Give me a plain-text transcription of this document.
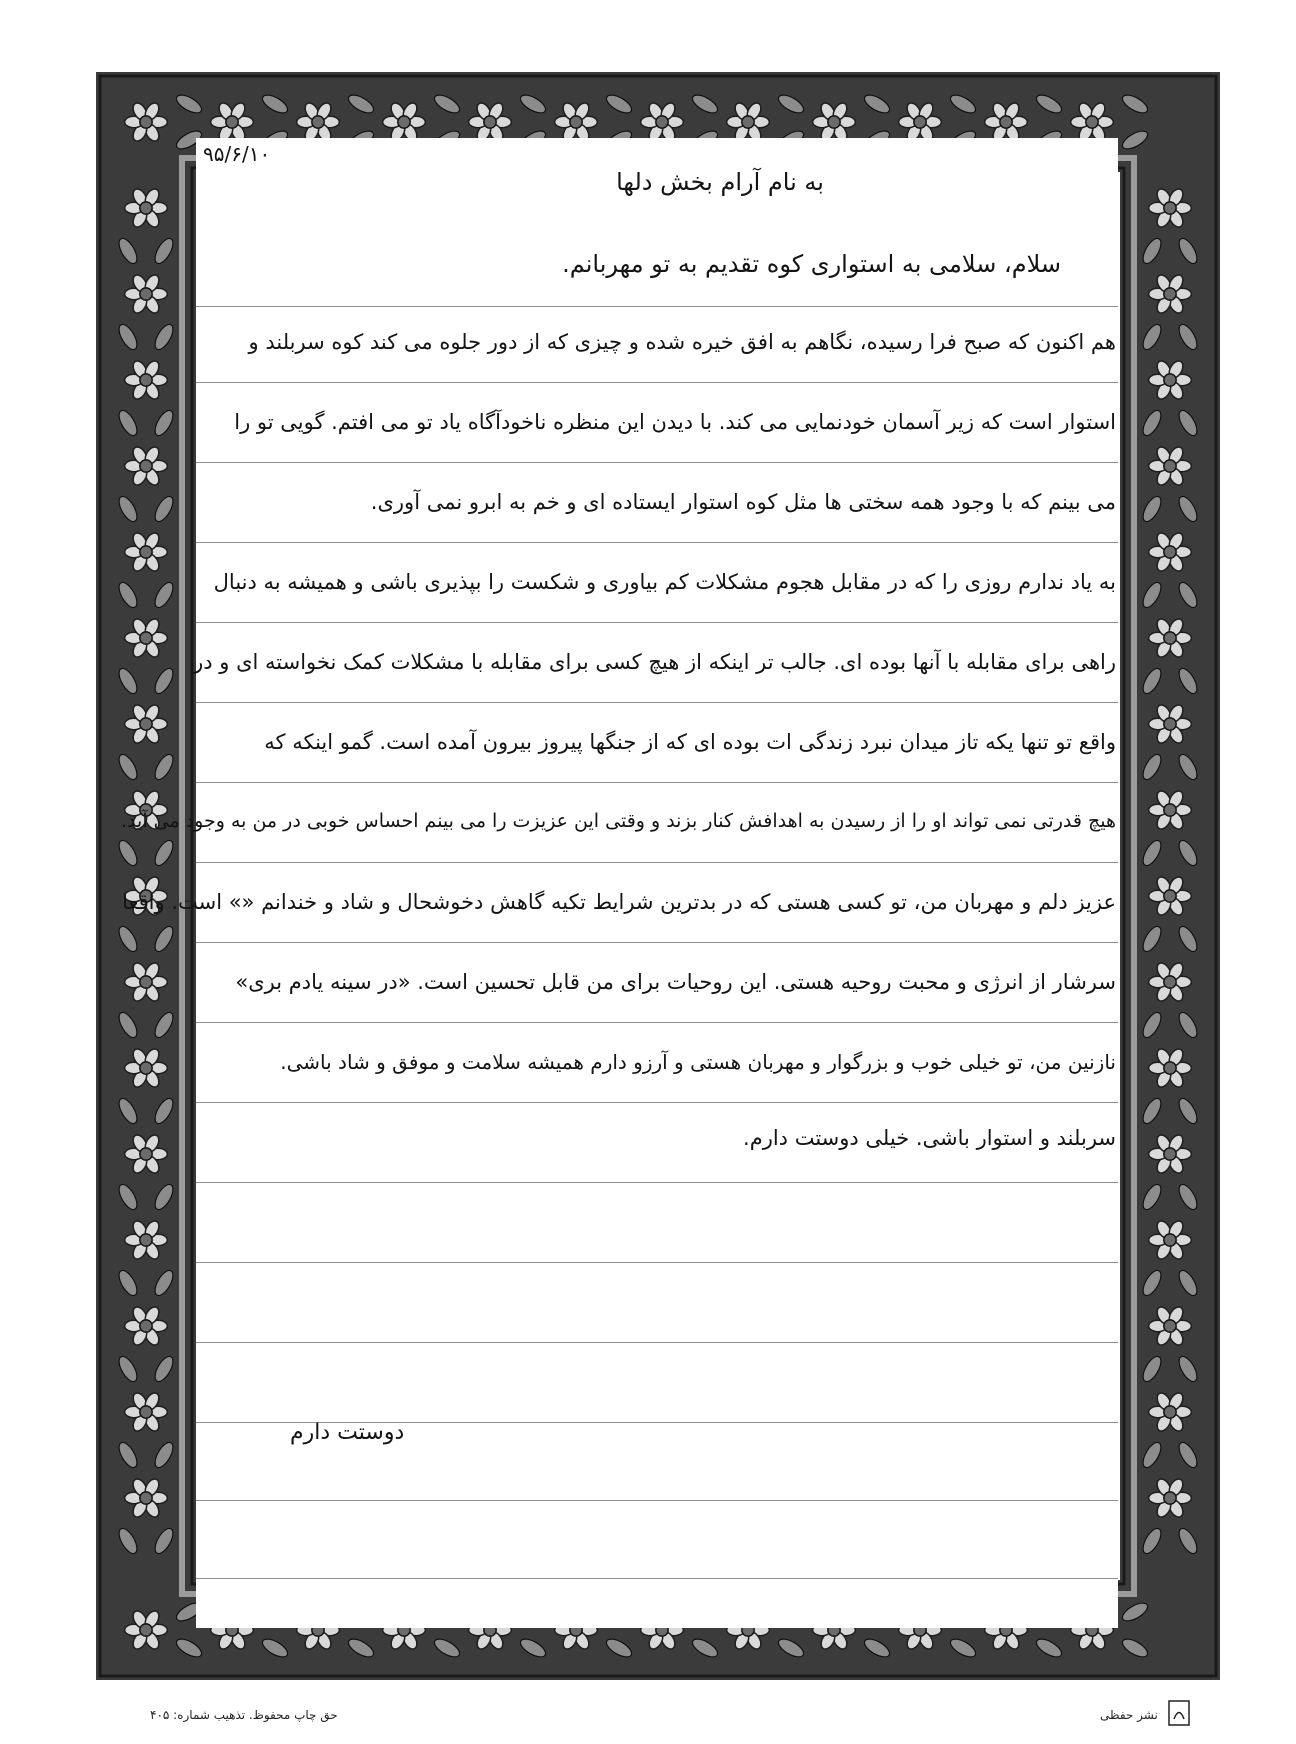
۹۵/۶/۱۰
به نام آرام بخش دلها
سلام، سلامی به استواری کوه تقدیم به تو مهربانم.
هم اکنون که صبح فرا رسیده، نگاهم به افق خیره شده و چیزی که از دور جلوه می کند کوه سربلند و
استوار است که زیر آسمان خودنمایی می کند. با دیدن این منظره ناخودآگاه یاد تو می افتم. گویی تو را
می بینم که با وجود همه سختی ها مثل کوه استوار ایستاده ای و خم به ابرو نمی آوری.
به یاد ندارم روزی را که در مقابل هجوم مشکلات کم بیاوری و شکست را بپذیری باشی و همیشه به دنبال
راهی برای مقابله با آنها بوده ای. جالب تر اینکه از هیچ کسی برای مقابله با مشکلات کمک نخواسته ای و در
واقع تو تنها یکه تاز میدان نبرد زندگی ات بوده ای که از جنگها پیروز بیرون آمده است. گمو اینکه که
هیچ قدرتی نمی تواند او را از رسیدن به اهدافش کنار بزند و وقتی این عزیزت را می بینم احساس خوبی در من به وجود می آید.
عزیز دلم و مهربان من، تو کسی هستی که در بدترین شرایط تکیه گاهش دخوشحال و شاد و خندانم «» است. واقعا
سرشار از انرژی و محبت روحیه هستی. این روحیات برای من قابل تحسین است. «در سینه یادم بری»
نازنین من، تو خیلی خوب و بزرگوار و مهربان هستی و آرزو دارم همیشه سلامت و موفق و شاد باشی.
سربلند و استوار باشی. خیلی دوستت دارم.
دوستت دارم
حق چاپ محفوظ. تذهیب شماره: ۴۰۵	نشر حفظی
